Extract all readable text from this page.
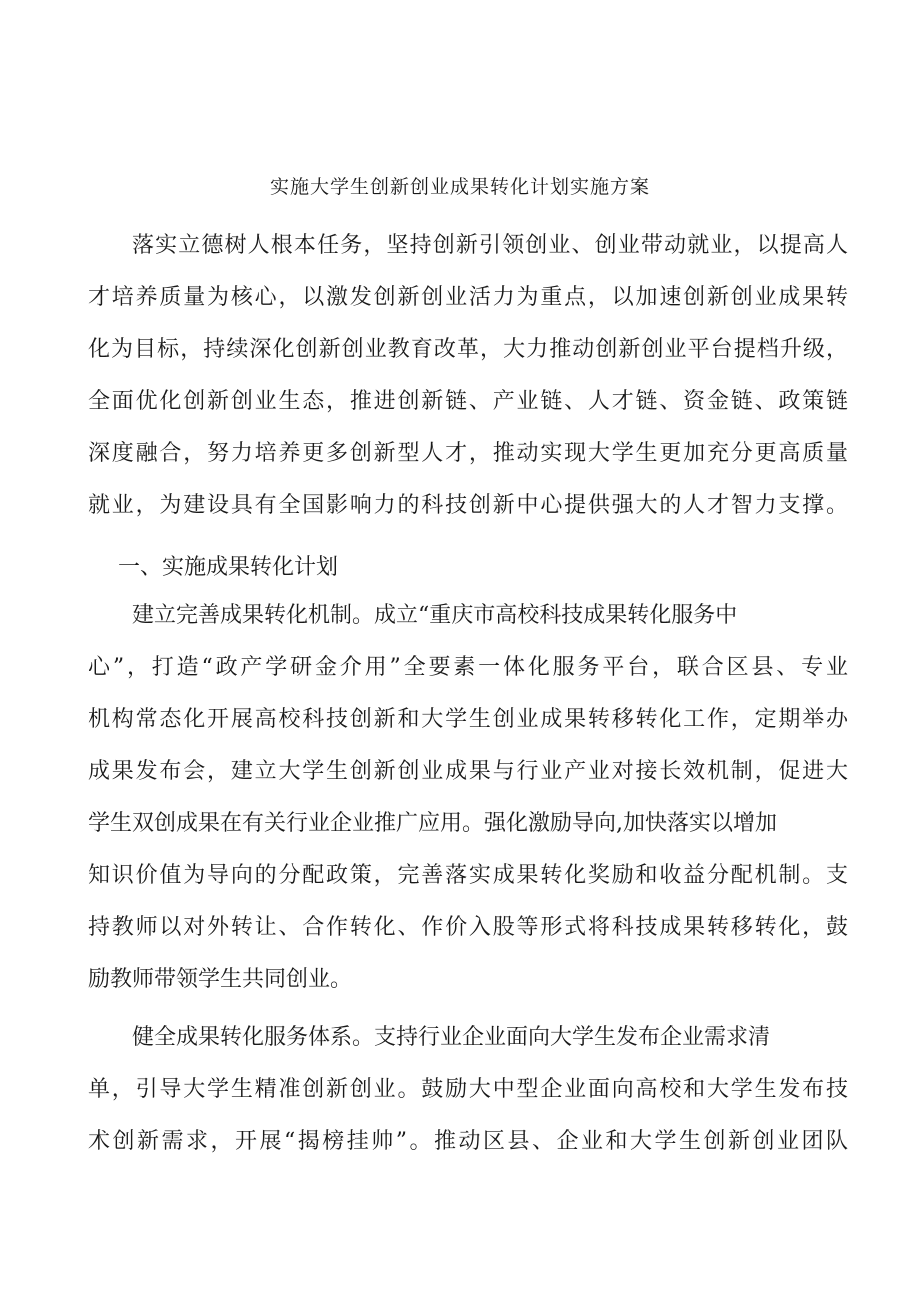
实施大学生创新创业成果转化计划实施方案
落实立德树人根本任务，坚持创新引领创业、创业带动就业，以提高人
才培养质量为核心，以激发创新创业活力为重点，以加速创新创业成果转
化为目标，持续深化创新创业教育改革，大力推动创新创业平台提档升级，
全面优化创新创业生态，推进创新链、产业链、人才链、资金链、政策链
深度融合，努力培养更多创新型人才，推动实现大学生更加充分更高质量
就业，为建设具有全国影响力的科技创新中心提供强大的人才智力支撑。
一、实施成果转化计划
建立完善成果转化机制。成立“重庆市高校科技成果转化服务中
心”，打造“政产学研金介用”全要素一体化服务平台，联合区县、专业
机构常态化开展高校科技创新和大学生创业成果转移转化工作，定期举办
成果发布会，建立大学生创新创业成果与行业产业对接长效机制，促进大
学生双创成果在有关行业企业推广应用。强化激励导向,加快落实以增加
知识价值为导向的分配政策，完善落实成果转化奖励和收益分配机制。支
持教师以对外转让、合作转化、作价入股等形式将科技成果转移转化，鼓
励教师带领学生共同创业。
健全成果转化服务体系。支持行业企业面向大学生发布企业需求清
单，引导大学生精准创新创业。鼓励大中型企业面向高校和大学生发布技
术创新需求，开展“揭榜挂帅”。推动区县、企业和大学生创新创业团队
